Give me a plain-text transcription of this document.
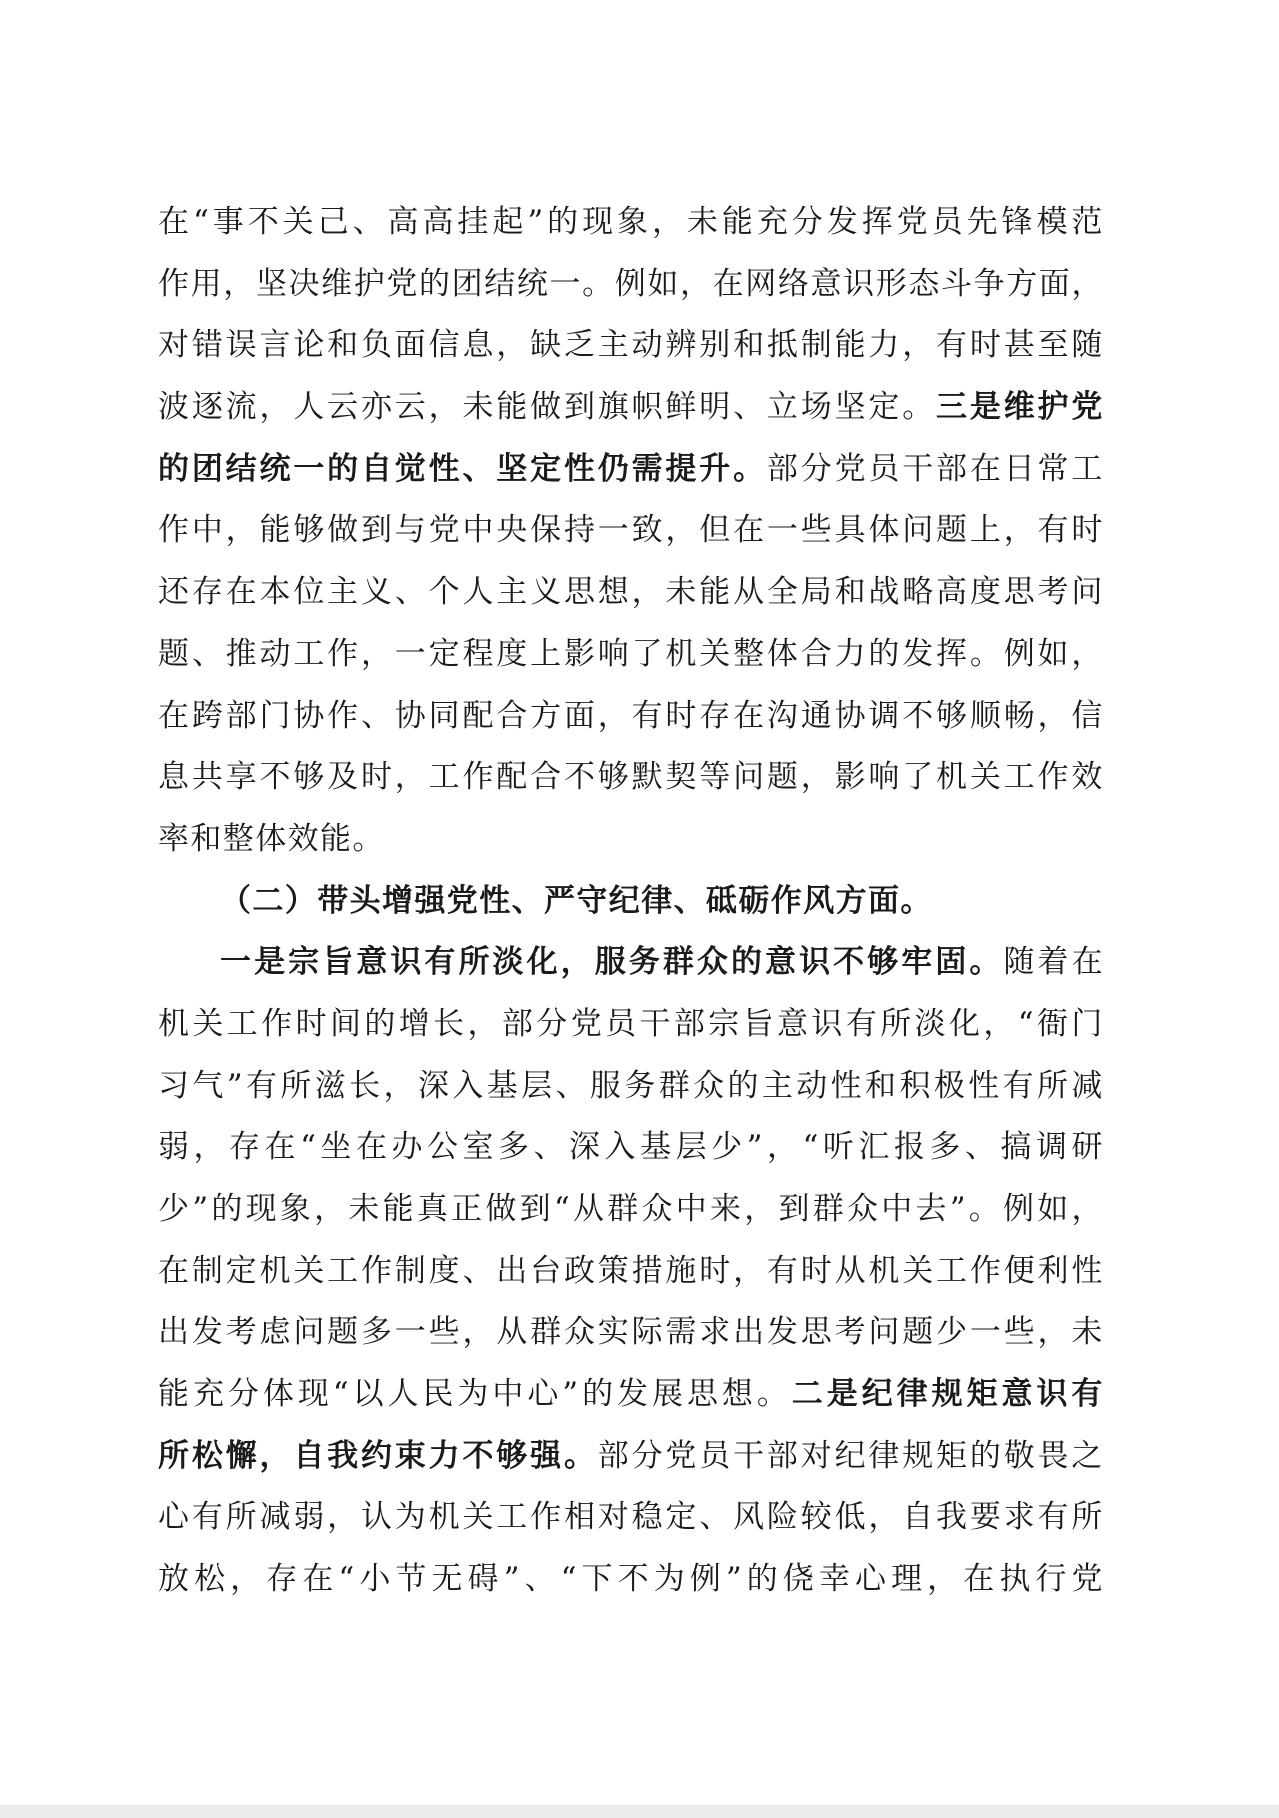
在 “ 事 不 关 己 、 高 高 挂 起 ” 的 现 象 ， 未 能 充 分 发 挥 党 员 先 锋 模 范
作 用 ， 坚 决 维 护 党 的 团 结 统 一 。 例 如 ， 在 网 络 意 识 形 态 斗 争 方 面 ，
对 错 误 言 论 和 负 面 信 息 ， 缺 乏 主 动 辨 别 和 抵 制 能 力 ， 有 时 甚 至 随
波 逐 流 ， 人 云 亦 云 ， 未 能 做 到 旗 帜 鲜 明 、 立 场 坚 定 。 三 是 维 护 党
的 团 结 统 一 的 自 觉 性 、 坚 定 性 仍 需 提 升 。 部 分 党 员 干 部 在 日 常 工
作 中 ， 能 够 做 到 与 党 中 央 保 持 一 致 ， 但 在 一 些 具 体 问 题 上 ， 有 时
还 存 在 本 位 主 义 、 个 人 主 义 思 想 ， 未 能 从 全 局 和 战 略 高 度 思 考 问
题 、 推 动 工 作 ， 一 定 程 度 上 影 响 了 机 关 整 体 合 力 的 发 挥 。 例 如 ，
在 跨 部 门 协 作 、 协 同 配 合 方 面 ， 有 时 存 在 沟 通 协 调 不 够 顺 畅 ， 信
息 共 享 不 够 及 时 ， 工 作 配 合 不 够 默 契 等 问 题 ， 影 响 了 机 关 工 作 效
率和整体效能。
（二）带头增强党性、严守纪律、砥砺作风方面。
一 是 宗 旨 意 识 有 所 淡 化 ， 服 务 群 众 的 意 识 不 够 牢 固 。 随 着 在
机 关 工 作 时 间 的 增 长 ， 部 分 党 员 干 部 宗 旨 意 识 有 所 淡 化 ， “ 衙 门
习 气 ” 有 所 滋 长 ， 深 入 基 层 、 服 务 群 众 的 主 动 性 和 积 极 性 有 所 减
弱 ， 存 在 “ 坐 在 办 公 室 多 、 深 入 基 层 少 ” ， “ 听 汇 报 多 、 搞 调 研
少 ” 的 现 象 ， 未 能 真 正 做 到 “ 从 群 众 中 来 ， 到 群 众 中 去 ” 。 例 如 ，
在 制 定 机 关 工 作 制 度 、 出 台 政 策 措 施 时 ， 有 时 从 机 关 工 作 便 利 性
出 发 考 虑 问 题 多 一 些 ， 从 群 众 实 际 需 求 出 发 思 考 问 题 少 一 些 ， 未
能 充 分 体 现 “ 以 人 民 为 中 心 ” 的 发 展 思 想 。 二 是 纪 律 规 矩 意 识 有
所 松 懈 ， 自 我 约 束 力 不 够 强 。 部 分 党 员 干 部 对 纪 律 规 矩 的 敬 畏 之
心 有 所 减 弱 ， 认 为 机 关 工 作 相 对 稳 定 、 风 险 较 低 ， 自 我 要 求 有 所
放 松 ， 存 在 “ 小 节 无 碍 ” 、 “ 下 不 为 例 ” 的 侥 幸 心 理 ， 在 执 行 党
